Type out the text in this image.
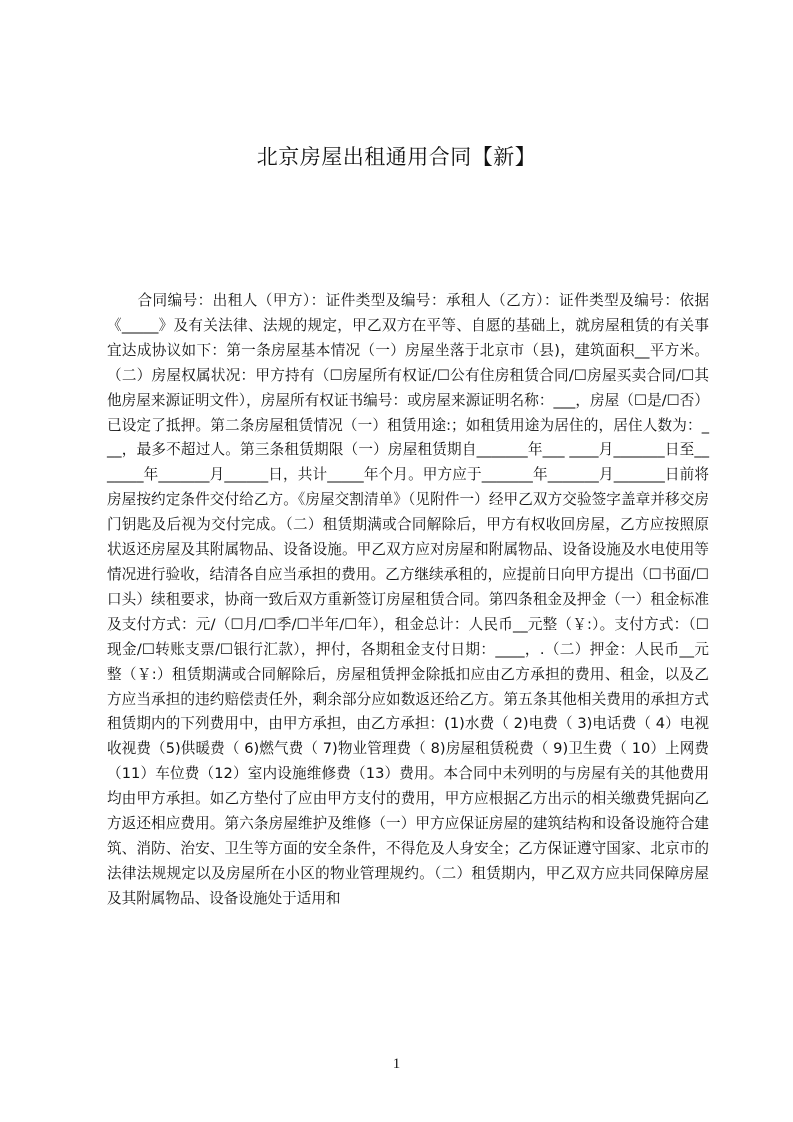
北京房屋出租通用合同【新】
合同编号：出租人（甲方）：证件类型及编号：承租人（乙方）：证件类型及编号：依据《_____》及有关法律、法规的规定，甲乙双方在平等、自愿的基础上，就房屋租赁的有关事宜达成协议如下：第一条房屋基本情况（一）房屋坐落于北京市（县)，建筑面积__平方米。（二）房屋权属状况：甲方持有（☐房屋所有权证/☐公有住房租赁合同/☐房屋买卖合同/☐其他房屋来源证明文件），房屋所有权证书编号：或房屋来源证明名称：___，房屋（☐是/☐否）已设定了抵押。第二条房屋租赁情况（一）租赁用途:；如租赁用途为居住的，居住人数为：___，最多不超过人。第三条租赁期限（一）房屋租赁期自_______年___ ____月_______日至_______年_______月______日，共计_____年个月。甲方应于_______年_______月_______日前将房屋按约定条件交付给乙方。《房屋交割清单》（见附件一）经甲乙双方交验签字盖章并移交房门钥匙及后视为交付完成。（二）租赁期满或合同解除后，甲方有权收回房屋，乙方应按照原状返还房屋及其附属物品、设备设施。甲乙双方应对房屋和附属物品、设备设施及水电使用等情况进行验收，结清各自应当承担的费用。乙方继续承租的，应提前日向甲方提出（☐书面/☐口头）续租要求，协商一致后双方重新签订房屋租赁合同。第四条租金及押金（一）租金标准及支付方式：元/（☐月/☐季/☐半年/☐年），租金总计：人民币__元整（￥:）。支付方式：（☐现金/☐转账支票/☐银行汇款），押付，各期租金支付日期：____，.（二）押金：人民币__元整（￥:）租赁期满或合同解除后，房屋租赁押金除抵扣应由乙方承担的费用、租金，以及乙方应当承担的违约赔偿责任外，剩余部分应如数返还给乙方。第五条其他相关费用的承担方式租赁期内的下列费用中，由甲方承担，由乙方承担：(1)水费（ 2)电费（ 3)电话费（ 4）电视收视费（5)供暖费（ 6)燃气费（ 7)物业管理费（ 8)房屋租赁税费（ 9)卫生费（ 10）上网费（11）车位费（12）室内设施维修费（13）费用。本合同中未列明的与房屋有关的其他费用均由甲方承担。如乙方垫付了应由甲方支付的费用，甲方应根据乙方出示的相关缴费凭据向乙方返还相应费用。第六条房屋维护及维修（一）甲方应保证房屋的建筑结构和设备设施符合建筑、消防、治安、卫生等方面的安全条件，不得危及人身安全；乙方保证遵守国家、北京市的法律法规规定以及房屋所在小区的物业管理规约。（二）租赁期内，甲乙双方应共同保障房屋及其附属物品、设备设施处于适用和
1
